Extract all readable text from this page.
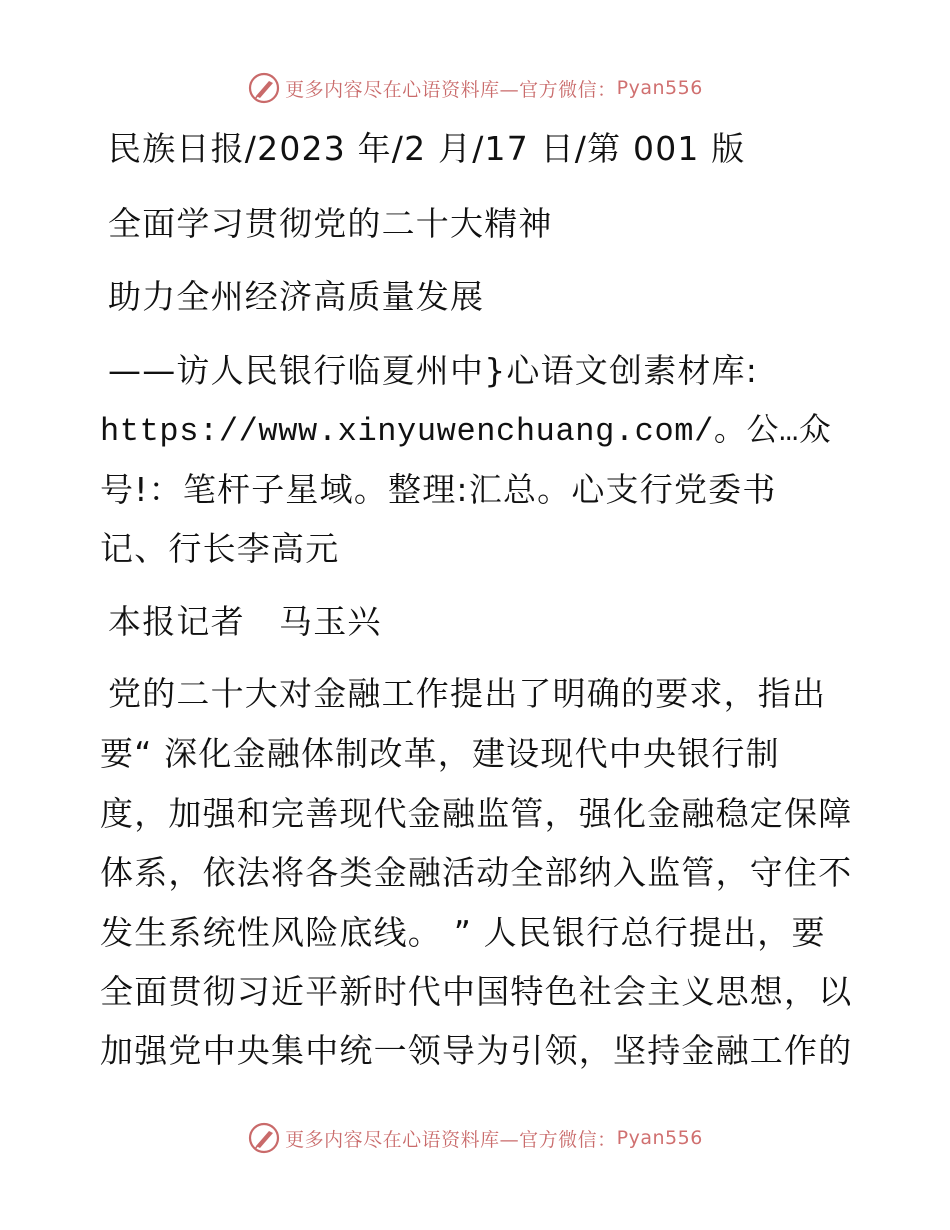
更多内容尽在心语资料库—官方微信： Pyan556
民族日报/2023 年/2 月/17 日/第 001 版
全面学习贯彻党的二十大精神
助力全州经济高质量发展
——访人民银行临夏州中}心语文创素材库:
https://www.xinyuwenchuang.com/。公…众
号!：笔杆子星域。整理:汇总。心支行党委书
记、行长李高元
本报记者　马玉兴
党的二十大对金融工作提出了明确的要求，指出
要“ 深化金融体制改革，建设现代中央银行制
度，加强和完善现代金融监管，强化金融稳定保障
体系，依法将各类金融活动全部纳入监管，守住不
发生系统性风险底线。 ” 人民银行总行提出，要
全面贯彻习近平新时代中国特色社会主义思想，以
加强党中央集中统一领导为引领，坚持金融工作的
更多内容尽在心语资料库—官方微信： Pyan556
